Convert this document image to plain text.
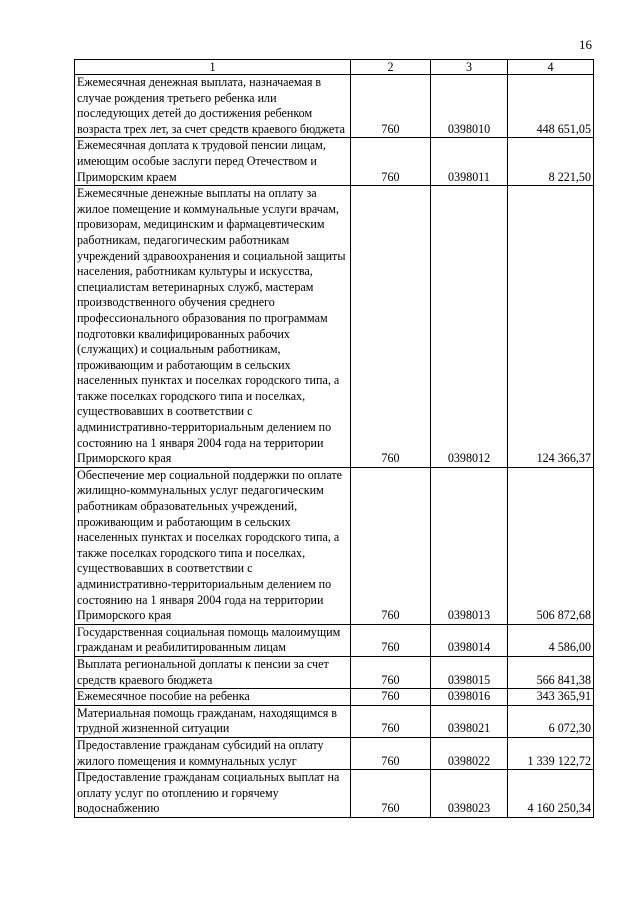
16
1	2	3	4
Ежемесячная денежная выплата, назначаемая в случае рождения третьего ребенка или последующих детей до достижения ребенком возраста трех лет, за счет средств краевого бюджета	760	0398010	448 651,05
Ежемесячная доплата к трудовой пенсии лицам, имеющим особые заслуги перед Отечеством и Приморским краем	760	0398011	8 221,50
Ежемесячные денежные выплаты на оплату за жилое помещение и коммунальные услуги врачам, провизорам, медицинским и фармацевтическим работникам, педагогическим работникам учреждений здравоохранения и социальной защиты населения, работникам культуры и искусства, специалистам ветеринарных служб, мастерам производственного обучения среднего профессионального образования по программам подготовки квалифицированных рабочих (служащих) и социальным работникам, проживающим и работающим в сельских населенных пунктах и поселках городского типа, а также поселках городского типа и поселках, существовавших в соответствии с административно-территориальным делением по состоянию на 1 января 2004 года на территории Приморского края	760	0398012	124 366,37
Обеспечение мер социальной поддержки по оплате жилищно-коммунальных услуг педагогическим работникам образовательных учреждений, проживающим и работающим в сельских населенных пунктах и поселках городского типа, а также поселках городского типа и поселках, существовавших в соответствии с административно-территориальным делением по состоянию на 1 января 2004 года на территории Приморского края	760	0398013	506 872,68
Государственная социальная помощь малоимущим гражданам и реабилитированным лицам	760	0398014	4 586,00
Выплата региональной доплаты к пенсии за счет средств краевого бюджета	760	0398015	566 841,38
Ежемесячное пособие на ребенка	760	0398016	343 365,91
Материальная помощь гражданам, находящимся в трудной жизненной ситуации	760	0398021	6 072,30
Предоставление гражданам субсидий на оплату жилого помещения и коммунальных услуг	760	0398022	1 339 122,72
Предоставление гражданам социальных выплат на оплату услуг по отоплению и горячему водоснабжению	760	0398023	4 160 250,34
